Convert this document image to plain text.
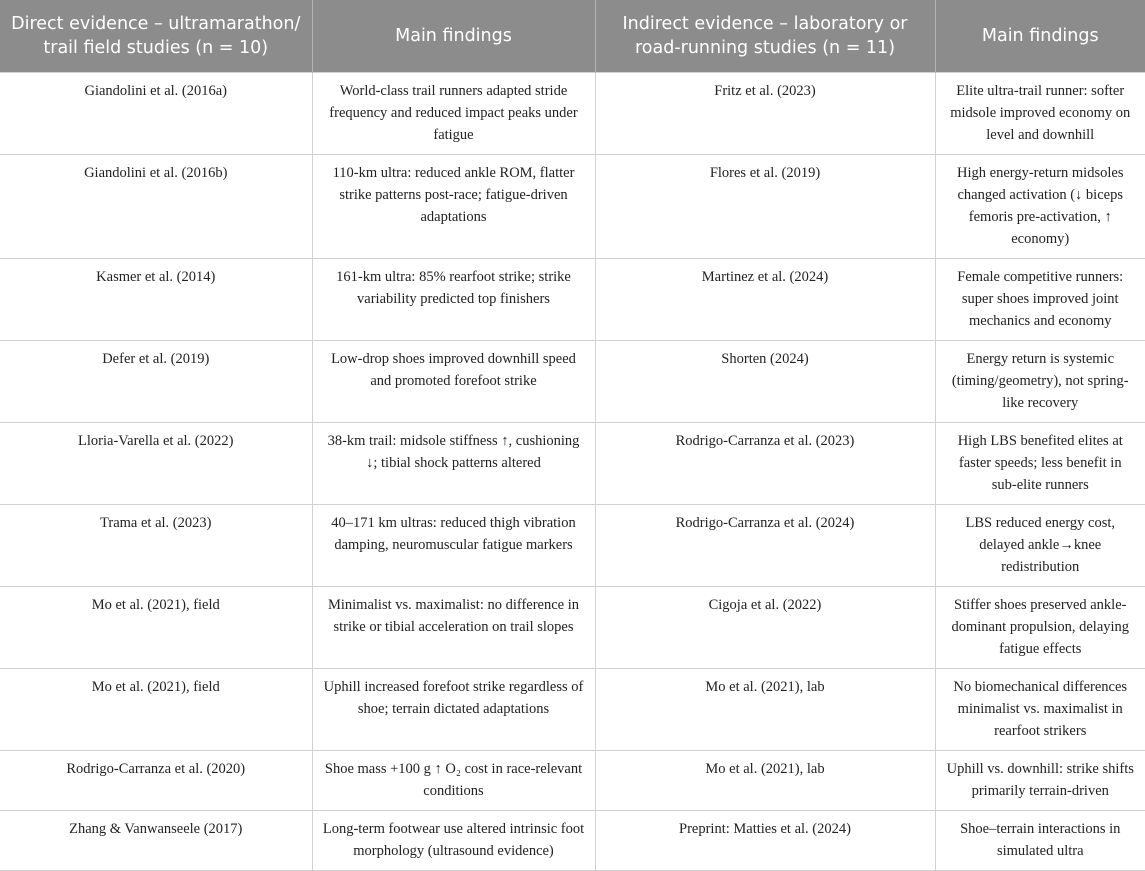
Direct evidence – ultramarathon/ trail field studies (n = 10)	Main findings	Indirect evidence – laboratory or road-running studies (n = 11)	Main findings
Giandolini et al. (2016a)	World-class trail runners adapted stride frequency and reduced impact peaks under fatigue	Fritz et al. (2023)	Elite ultra-trail runner: softer midsole improved economy on level and downhill
Giandolini et al. (2016b)	110-km ultra: reduced ankle ROM, flatter strike patterns post-race; fatigue-driven adaptations	Flores et al. (2019)	High energy-return midsoles changed activation (↓ biceps femoris pre-activation, ↑ economy)
Kasmer et al. (2014)	161-km ultra: 85% rearfoot strike; strike variability predicted top finishers	Martinez et al. (2024)	Female competitive runners: super shoes improved joint mechanics and economy
Defer et al. (2019)	Low-drop shoes improved downhill speed and promoted forefoot strike	Shorten (2024)	Energy return is systemic (timing/geometry), not spring-like recovery
Lloria-Varella et al. (2022)	38-km trail: midsole stiffness ↑, cushioning ↓; tibial shock patterns altered	Rodrigo-Carranza et al. (2023)	High LBS benefited elites at faster speeds; less benefit in sub-elite runners
Trama et al. (2023)	40–171 km ultras: reduced thigh vibration damping, neuromuscular fatigue markers	Rodrigo-Carranza et al. (2024)	LBS reduced energy cost, delayed ankle→knee redistribution
Mo et al. (2021), field	Minimalist vs. maximalist: no difference in strike or tibial acceleration on trail slopes	Cigoja et al. (2022)	Stiffer shoes preserved ankle-dominant propulsion, delaying fatigue effects
Mo et al. (2021), field	Uphill increased forefoot strike regardless of shoe; terrain dictated adaptations	Mo et al. (2021), lab	No biomechanical differences minimalist vs. maximalist in rearfoot strikers
Rodrigo-Carranza et al. (2020)	Shoe mass +100 g ↑ O₂ cost in race-relevant conditions	Mo et al. (2021), lab	Uphill vs. downhill: strike shifts primarily terrain-driven
Zhang & Vanwanseele (2017)	Long-term footwear use altered intrinsic foot morphology (ultrasound evidence)	Preprint: Matties et al. (2024)	Shoe–terrain interactions in simulated ultra
